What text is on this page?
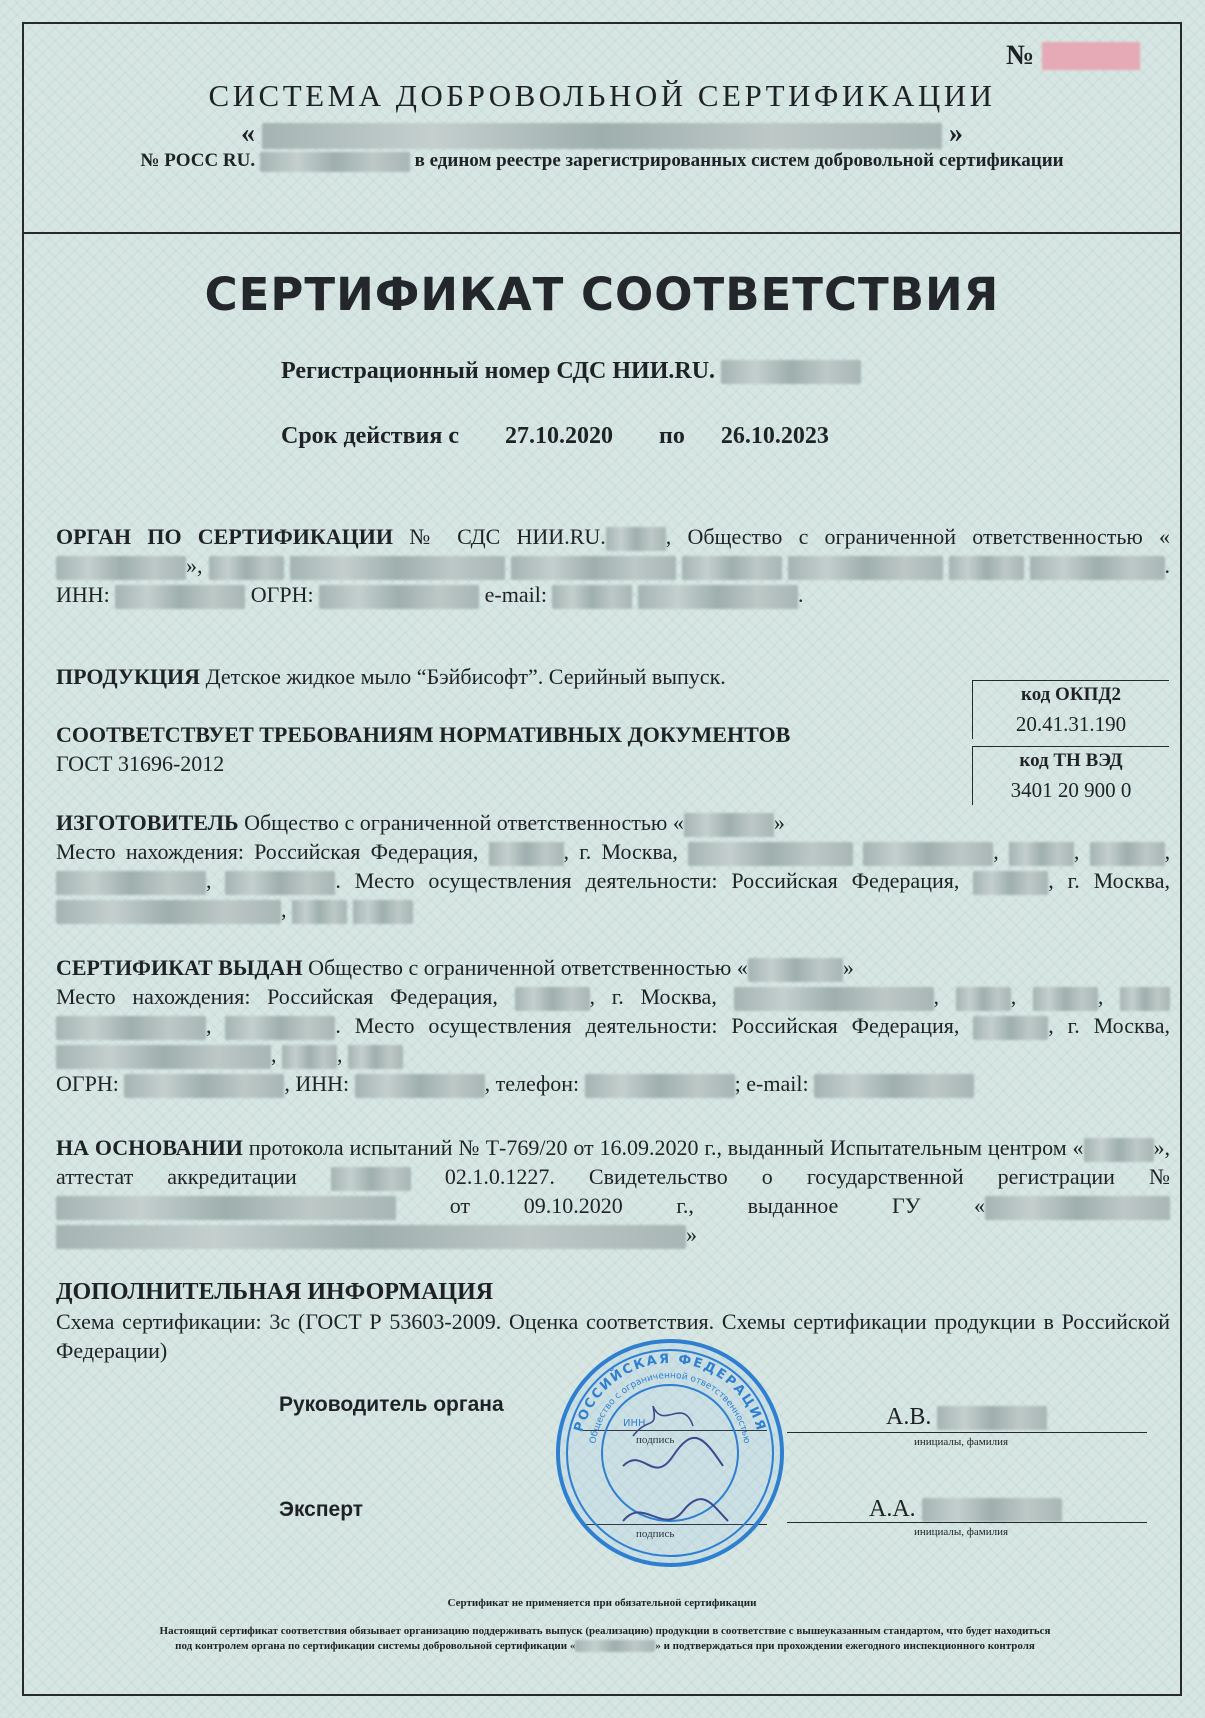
№
СИСТЕМА ДОБРОВОЛЬНОЙ СЕРТИФИКАЦИИ
«	»
№ РОСС RU.	в едином реестре зарегистрированных систем добровольной сертификации
СЕРТИФИКАТ СООТВЕТСТВИЯ
Регистрационный номер СДС НИИ.RU.
Срок действия с 27.10.2020 по 26.10.2023
ОРГАН ПО СЕРТИФИКАЦИИ № СДС НИИ.RU.	, Общество с ограниченной ответственностью «»,	. ИНН:	ОГРН:	e-mail:	.
ПРОДУКЦИЯ Детское жидкое мыло “Бэйбисофт”. Серийный выпуск.
код ОКПД2
20.41.31.190
код ТН ВЭД
3401 20 900 0
СООТВЕТСТВУЕТ ТРЕБОВАНИЯМ НОРМАТИВНЫХ ДОКУМЕНТОВ
ГОСТ 31696-2012
ИЗГОТОВИТЕЛЬ Общество с ограниченной ответственностью «	»
Место нахождения: Российская Федерация,	, г. Москва,	,	,	, ,	. Место осуществления деятельности: Российская Федерация,	, г. Москва, ,
СЕРТИФИКАТ ВЫДАН Общество с ограниченной ответственностью «	»
Место нахождения: Российская Федерация,	, г. Москва,	,	,	,  ,	. Место осуществления деятельности: Российская Федерация,	, г. Москва, ,	,
ОГРН:	, ИНН:	, телефон:	; e-mail:
НА ОСНОВАНИИ протокола испытаний № Т-769/20 от 16.09.2020 г., выданный Испытательным центром «	», аттестат аккредитации	02.1.0.1227. Свидетельство о государственной регистрации №  от 09.10.2020 г., выданное ГУ « »
ДОПОЛНИТЕЛЬНАЯ ИНФОРМАЦИЯ
Схема сертификации: 3с (ГОСТ Р 53603-2009. Оценка соответствия. Схемы сертификации продукции в Российской Федерации)
Руководитель органа	А.В.
инициалы, фамилия
Эксперт	А.А.
инициалы, фамилия
РОССИЙСКАЯ ФЕДЕРАЦИЯ
Общество с ограниченной ответственностью
ИНН
Сертификат не применяется при обязательной сертификации
Настоящий сертификат соответствия обязывает организацию поддерживать выпуск (реализацию) продукции в соответствие с вышеуказанным стандартом, что будет находиться
под контролем органа по сертификации системы добровольной сертификации «	» и подтверждаться при прохождении ежегодного инспекционного контроля
